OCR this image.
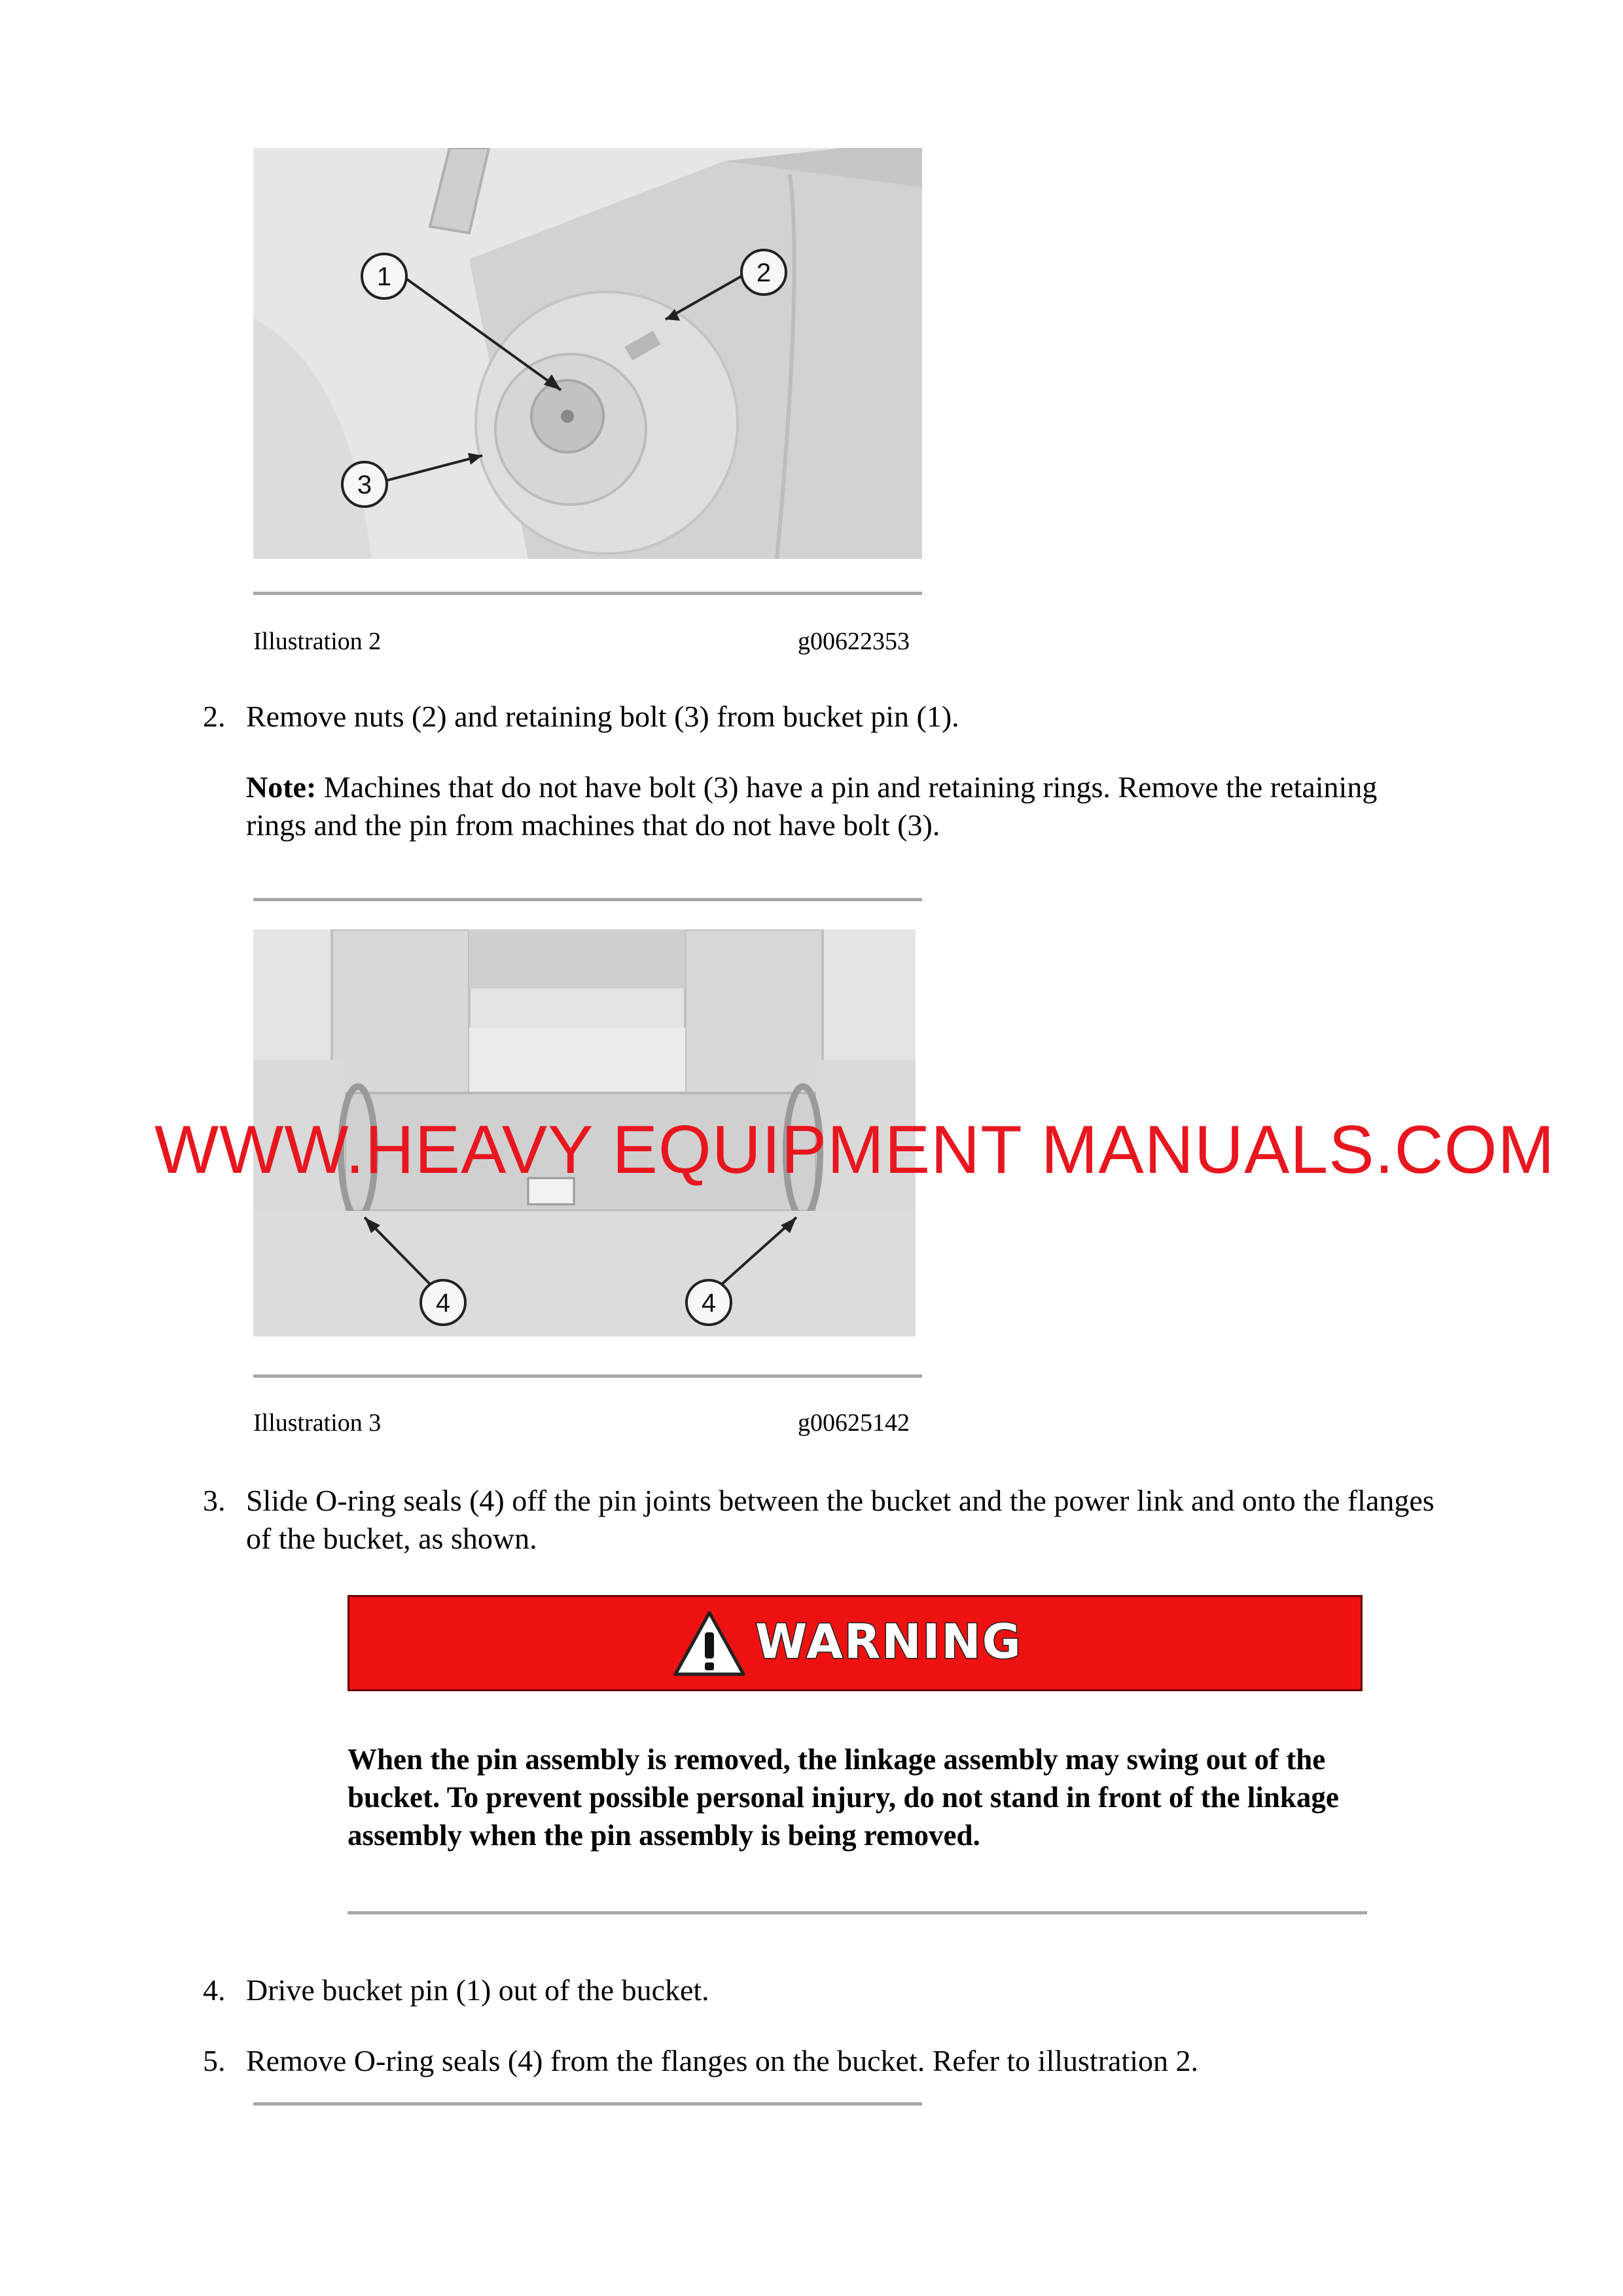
1	2
3
Illustration 2	g00622353
2. Remove nuts (2) and retaining bolt (3) from bucket pin (1).
Note: Machines that do not have bolt (3) have a pin and retaining rings. Remove the retaining rings and the pin from machines that do not have bolt (3).
4	4
WWW.HEAVY EQUIPMENT MANUALS.COM
Illustration 3	g00625142
3. Slide O-ring seals (4) off the pin joints between the bucket and the power link and onto the flanges of the bucket, as shown.
WARNING
When the pin assembly is removed, the linkage assembly may swing out of the bucket. To prevent possible personal injury, do not stand in front of the linkage assembly when the pin assembly is being removed.
4. Drive bucket pin (1) out of the bucket.
5. Remove O-ring seals (4) from the flanges on the bucket. Refer to illustration 2.
